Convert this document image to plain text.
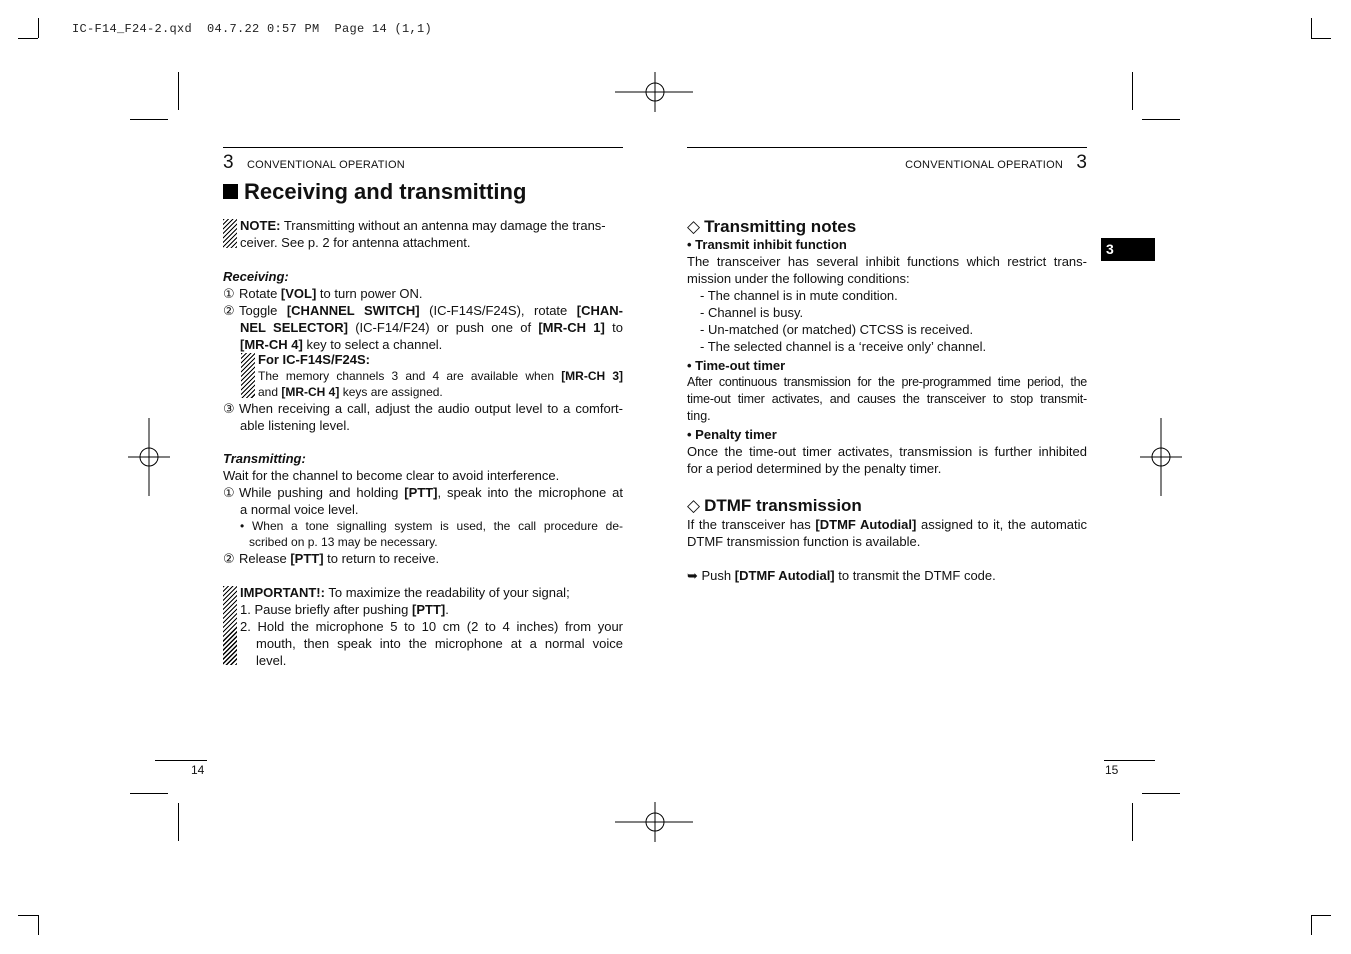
IC-F14_F24-2.qxd  04.7.22 0:57 PM  Page 14 (1,1)
3 CONVENTIONAL OPERATION
Receiving and transmitting

NOTE: Transmitting without an antenna may damage the trans-

ceiver. See p. 2 for antenna attachment.

Receiving:

① Rotate [VOL] to turn power ON.

② Toggle [CHANNEL SWITCH] (IC-F14S/F24S), rotate [CHAN-

NEL SELECTOR] (IC-F14/F24) or push one of [MR-CH 1] to

[MR-CH 4] key to select a channel.

For IC-F14S/F24S:

The memory channels 3 and 4 are available when [MR-CH 3]

and [MR-CH 4] keys are assigned.

③ When receiving a call, adjust the audio output level to a comfort-

able listening level.

Transmitting:

Wait for the channel to become clear to avoid interference.

① While pushing and holding [PTT], speak into the microphone at

a normal voice level.

• When a tone signalling system is used, the call procedure de-

scribed on p. 13 may be necessary.

② Release [PTT] to return to receive.

IMPORTANT!: To maximize the readability of your signal;

1. Pause briefly after pushing [PTT].

2. Hold the microphone 5 to 10 cm (2 to 4 inches) from your

mouth, then speak into the microphone at a normal voice

level.

14
CONVENTIONAL OPERATION 3
3
◇ Transmitting notes

• Transmit inhibit function

The transceiver has several inhibit functions which restrict trans-

mission under the following conditions:

- The channel is in mute condition.

- Channel is busy.

- Un-matched (or matched) CTCSS is received.

- The selected channel is a ‘receive only’ channel.

• Time-out timer

After continuous transmission for the pre-programmed time period, the

time-out timer activates, and causes the transceiver to stop transmit-

ting.

• Penalty timer

Once the time-out timer activates, transmission is further inhibited

for a period determined by the penalty timer.

◇ DTMF transmission

If the transceiver has [DTMF Autodial] assigned to it, the automatic

DTMF transmission function is available.

➥ Push [DTMF Autodial] to transmit the DTMF code.

15
